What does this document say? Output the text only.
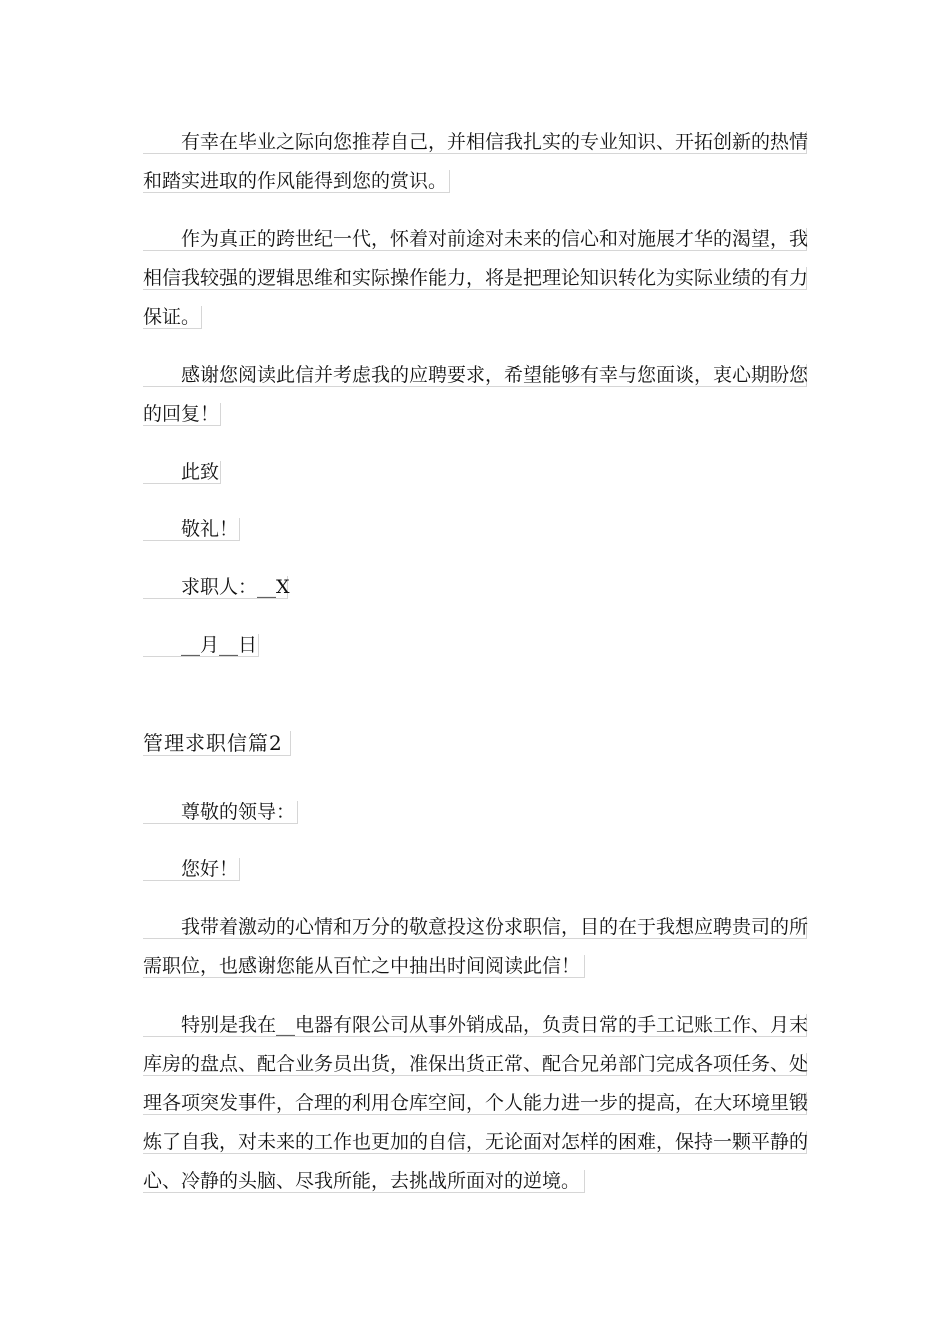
有幸在毕业之际向您推荐自己，并相信我扎实的专业知识、开拓创新的热情
和踏实进取的作风能得到您的赏识。
作为真正的跨世纪一代，怀着对前途对未来的信心和对施展才华的渴望，我
相信我较强的逻辑思维和实际操作能力，将是把理论知识转化为实际业绩的有力
保证。
感谢您阅读此信并考虑我的应聘要求，希望能够有幸与您面谈，衷心期盼您
的回复！
此致
敬礼！
求职人：__X
__月__日
管理求职信篇2
尊敬的领导：
您好！
我带着激动的心情和万分的敬意投这份求职信，目的在于我想应聘贵司的所
需职位，也感谢您能从百忙之中抽出时间阅读此信！
特别是我在__电器有限公司从事外销成品，负责日常的手工记账工作、月末
库房的盘点、配合业务员出货，准保出货正常、配合兄弟部门完成各项任务、处
理各项突发事件，合理的利用仓库空间，个人能力进一步的提高，在大环境里锻
炼了自我，对未来的工作也更加的自信，无论面对怎样的困难，保持一颗平静的
心、冷静的头脑、尽我所能，去挑战所面对的逆境。
